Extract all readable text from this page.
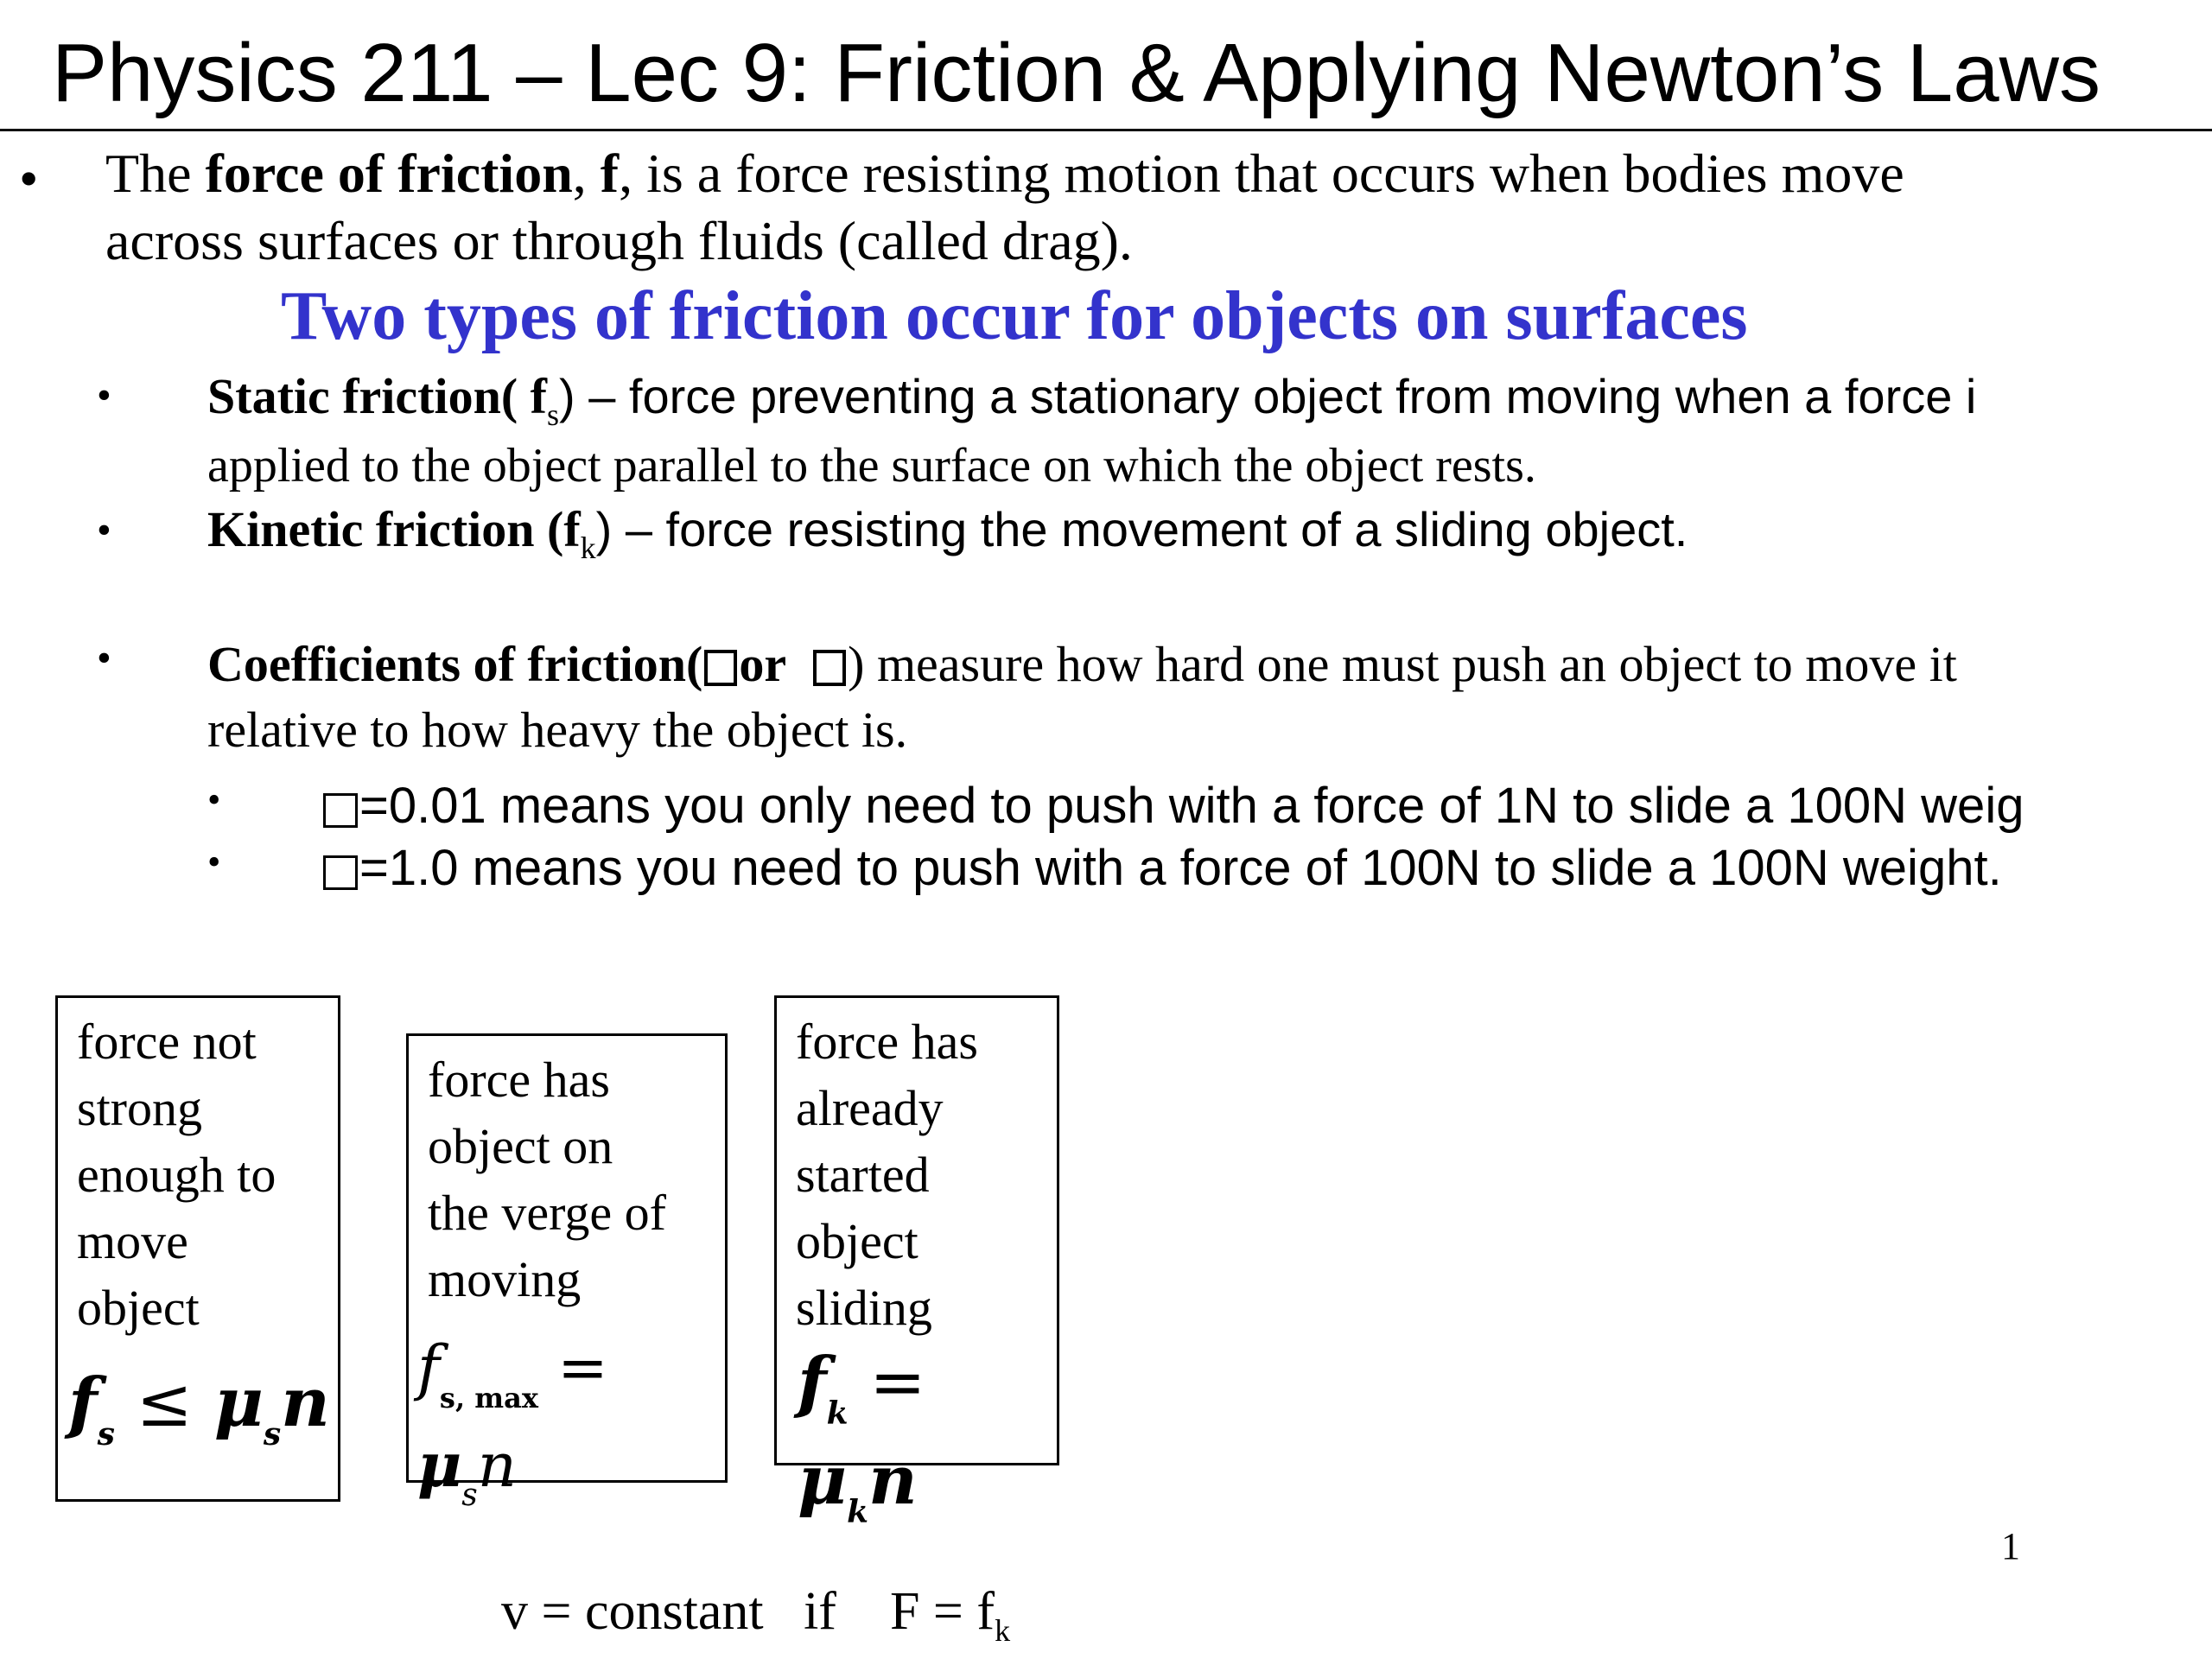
Physics 211 – Lec 9: Friction & Applying Newton’s Laws
• The force of friction, f, is a force resisting motion that occurs when bodies move
across surfaces or through fluids (called drag).
Two types of friction occur for objects on surfaces
• Static friction( $f_s$) – force preventing a stationary object from moving when a force i
applied to the object parallel to the surface on which the object rests.
• Kinetic friction $(f_k)$ – force resisting the movement of a sliding object.
• Coefficients of friction( or ) measure how hard one must push an object to move it
relative to how heavy the object is.
•	=0.01 means you only need to push with a force of 1N to slide a 100N weig
•	=1.0 means you need to push with a force of 100N to slide a 100N weight.
force not
strong
enough to
move
object
$f_s \le \mu_sn$
force has
object on
the verge of
moving
$f_{s, max} = \mu_sn$
force has
already
started
object
sliding
$f_k = \mu_kn$
1
v = constant   if    $F = f_k$
